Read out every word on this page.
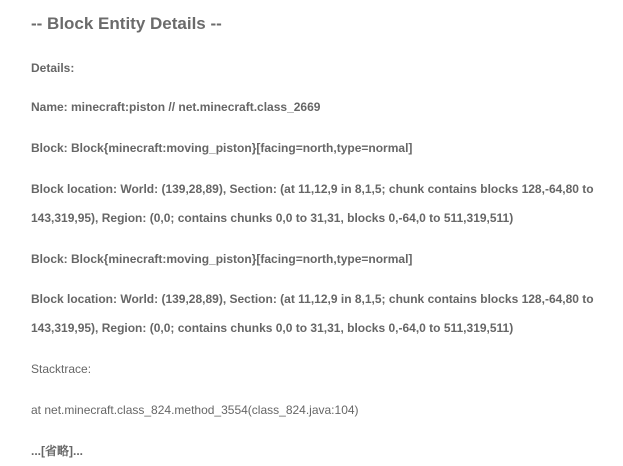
-- Block Entity Details --
Details:
Name: minecraft:piston // net.minecraft.class_2669
Block: Block{minecraft:moving_piston}[facing=north,type=normal]
Block location: World: (139,28,89), Section: (at 11,12,9 in 8,1,5; chunk contains blocks 128,-64,80 to
143,319,95), Region: (0,0; contains chunks 0,0 to 31,31, blocks 0,-64,0 to 511,319,511)
Block: Block{minecraft:moving_piston}[facing=north,type=normal]
Block location: World: (139,28,89), Section: (at 11,12,9 in 8,1,5; chunk contains blocks 128,-64,80 to
143,319,95), Region: (0,0; contains chunks 0,0 to 31,31, blocks 0,-64,0 to 511,319,511)
Stacktrace:
at net.minecraft.class_824.method_3554(class_824.java:104)
...[省略]...
